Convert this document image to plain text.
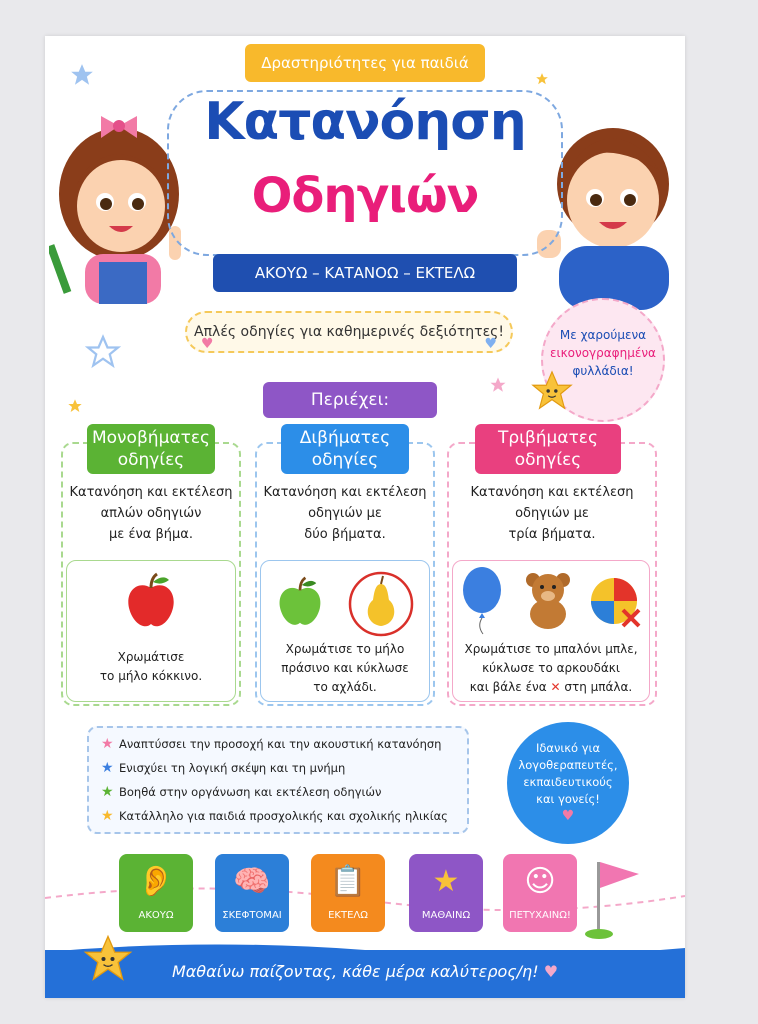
Δραστηριότητες για παιδιά
Κατανόηση
Οδηγιών
ΑΚΟΥΩ – ΚΑΤΑΝΟΩ – ΕΚΤΕΛΩ
♥
Απλές οδηγίες για καθημερινές δεξιότητες!
♥
Με χαρούμενα
εικονογραφημένα
φυλλάδια!
Περιέχει:
Μονοβήματες
οδηγίες
Κατανόηση και εκτέλεση
απλών οδηγιών
με ένα βήμα.
Χρωμάτισε
το μήλο κόκκινο.
Διβήματες
οδηγίες
Κατανόηση και εκτέλεση
οδηγιών με
δύο βήματα.
Χρωμάτισε το μήλο
πράσινο και κύκλωσε
το αχλάδι.
Τριβήματες
οδηγίες
Κατανόηση και εκτέλεση
οδηγιών με
τρία βήματα.
Χρωμάτισε το μπαλόνι μπλε,
κύκλωσε το αρκουδάκι
και βάλε ένα ✕ στη μπάλα.
★ Αναπτύσσει την προσοχή και την ακουστική κατανόηση
★ Ενισχύει τη λογική σκέψη και τη μνήμη
★ Βοηθά στην οργάνωση και εκτέλεση οδηγιών
★ Κατάλληλο για παιδιά προσχολικής και σχολικής ηλικίας
Ιδανικό για
λογοθεραπευτές,
εκπαιδευτικούς
και γονείς!
♥
👂
ΑΚΟΥΩ
🧠
ΣΚΕΦΤΟΜΑΙ
📋
ΕΚΤΕΛΩ
★
ΜΑΘΑΙΝΩ
☺
ΠΕΤΥΧΑΙΝΩ!
Μαθαίνω παίζοντας, κάθε μέρα καλύτερος/η! ♥
